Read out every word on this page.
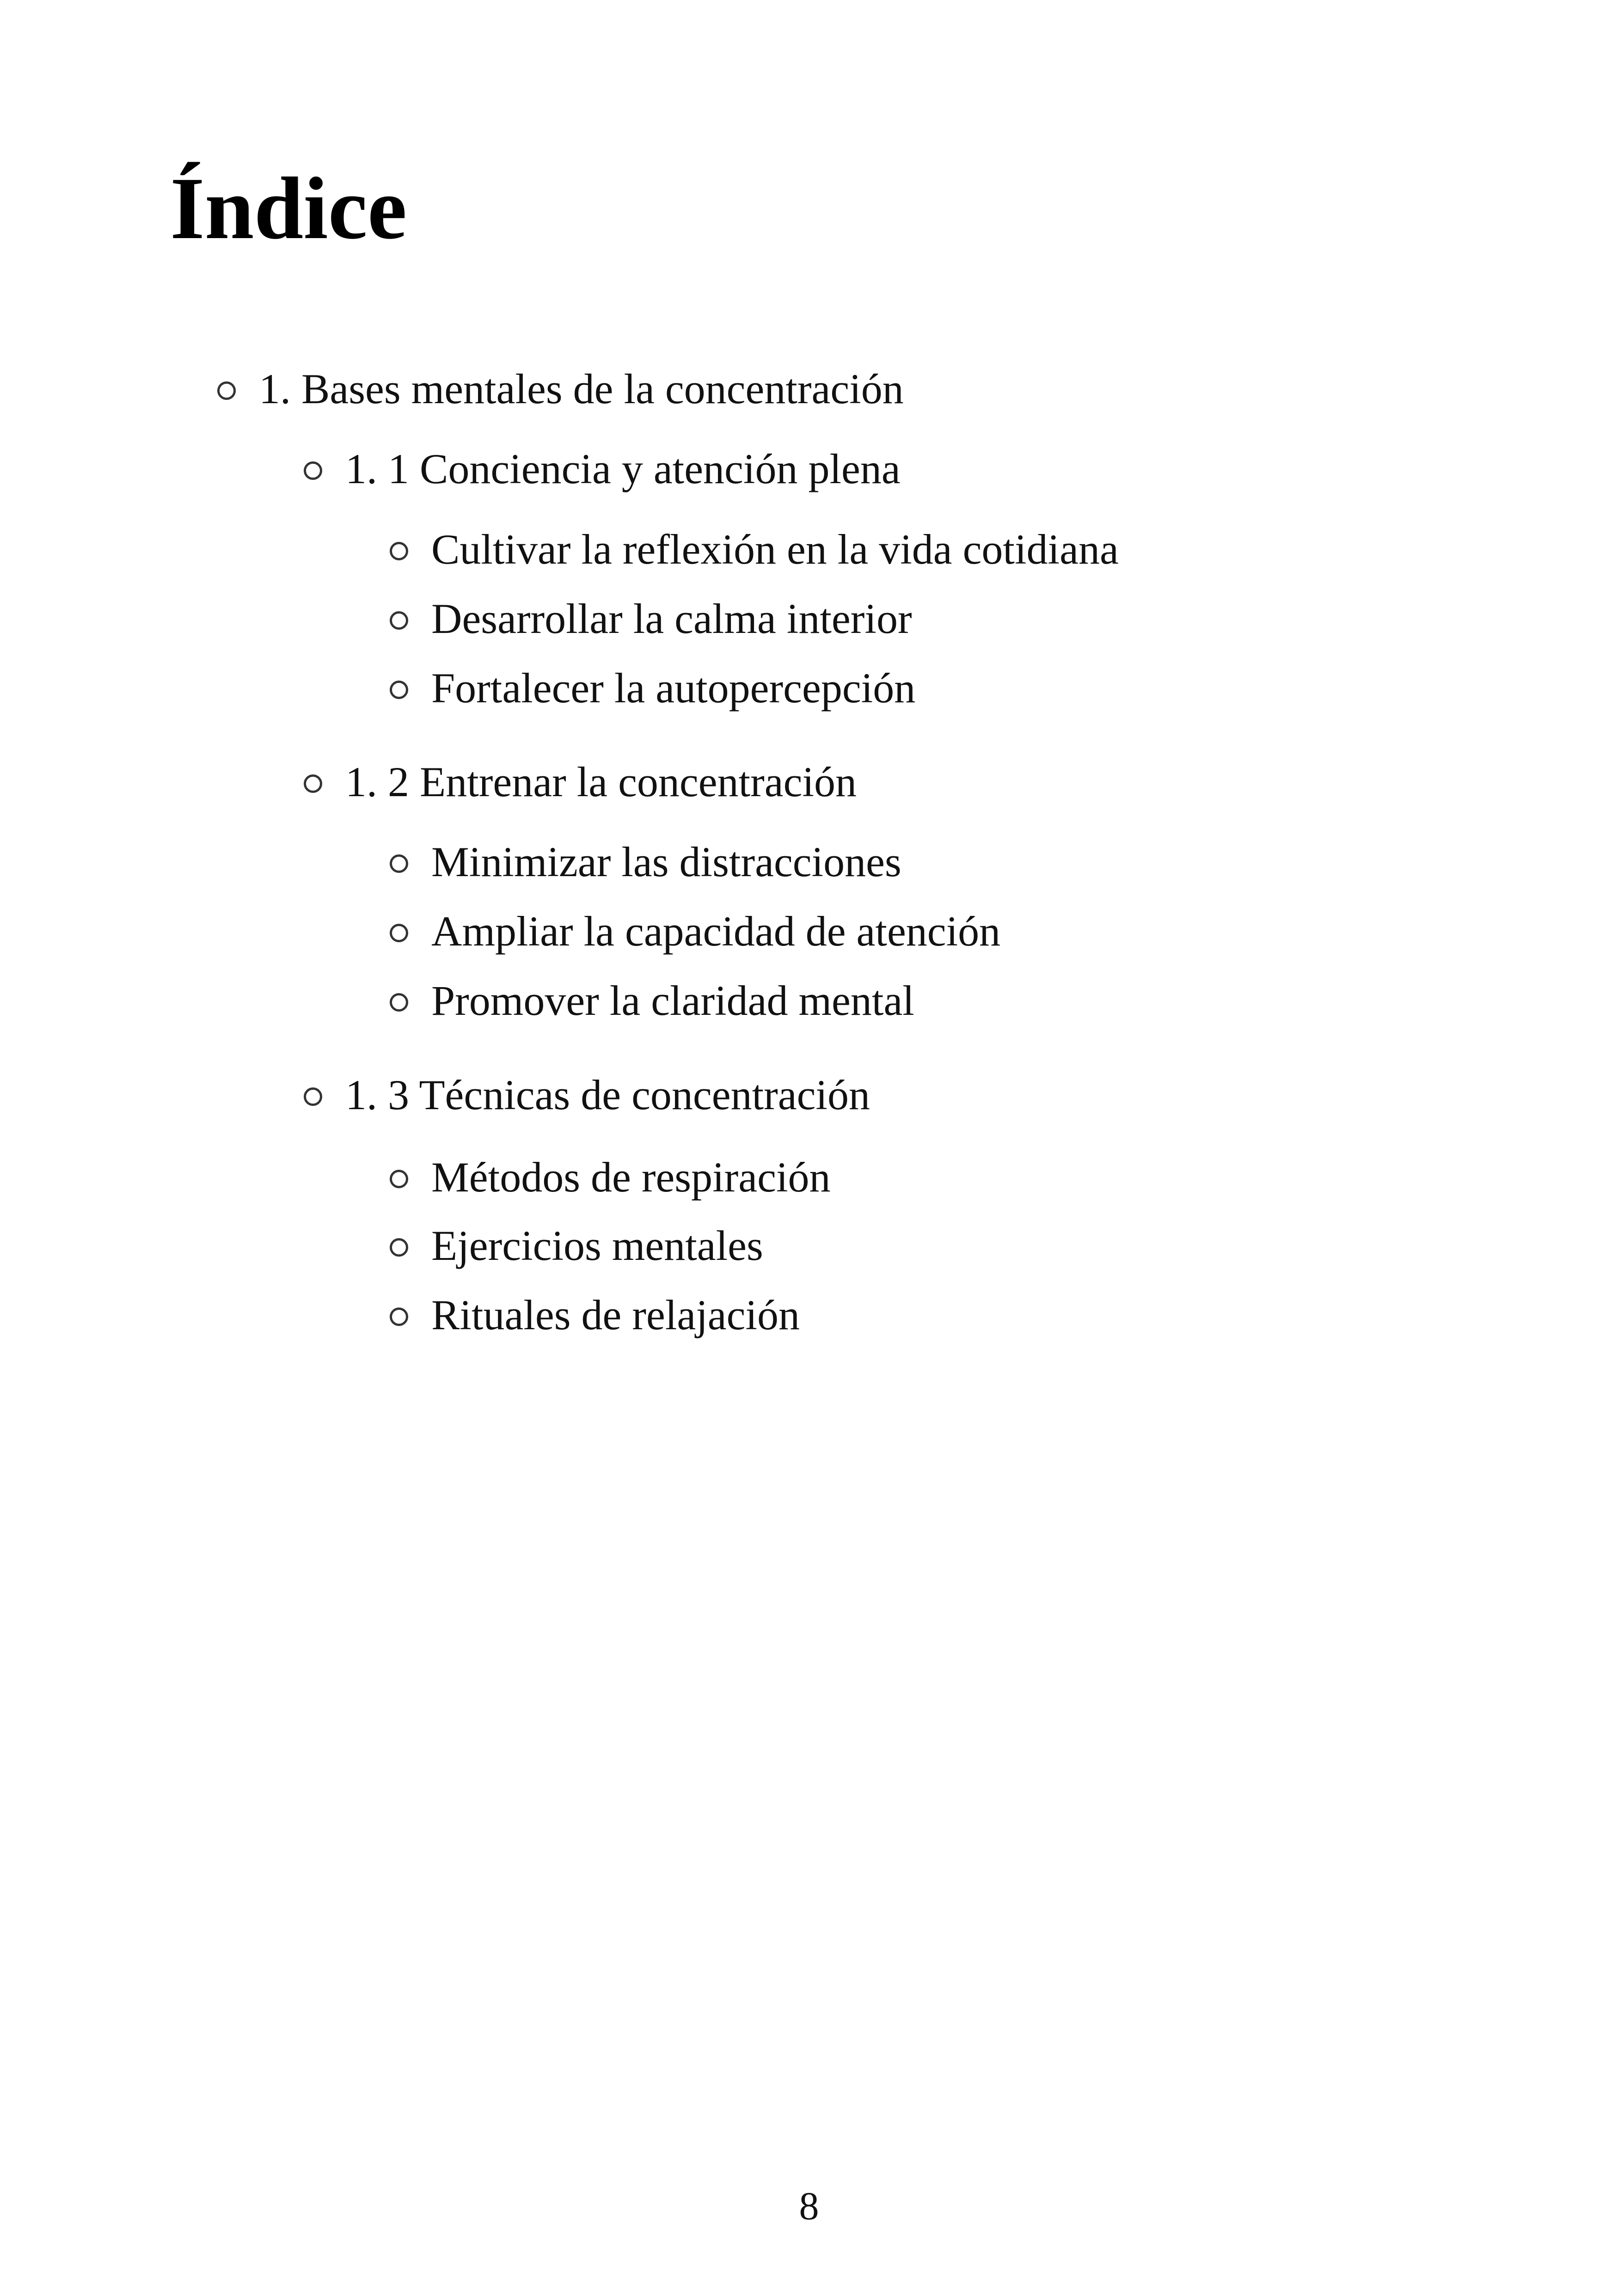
Índice
1. Bases mentales de la concentración
1. 1 Conciencia y atención plena
Cultivar la reflexión en la vida cotidiana
Desarrollar la calma interior
Fortalecer la autopercepción
1. 2 Entrenar la concentración
Minimizar las distracciones
Ampliar la capacidad de atención
Promover la claridad mental
1. 3 Técnicas de concentración
Métodos de respiración
Ejercicios mentales
Rituales de relajación
8
